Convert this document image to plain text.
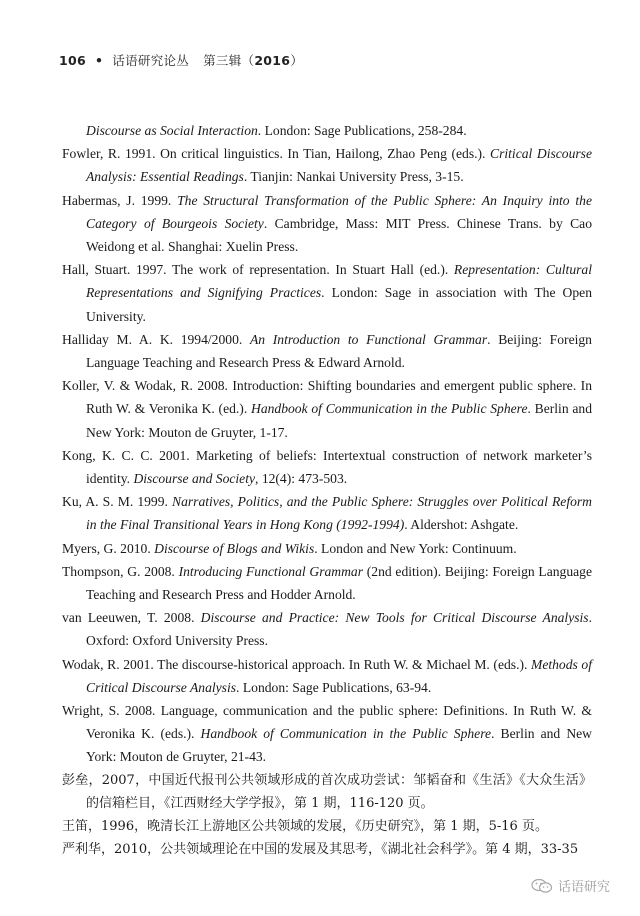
106 • 话语研究论丛 第三辑（2016）
Discourse as Social Interaction. London: Sage Publications, 258-284.
Fowler, R. 1991. On critical linguistics. In Tian, Hailong, Zhao Peng (eds.). Critical Discourse Analysis: Essential Readings. Tianjin: Nankai University Press, 3-15.
Habermas, J. 1999. The Structural Transformation of the Public Sphere: An Inquiry into the Category of Bourgeois Society. Cambridge, Mass: MIT Press. Chinese Trans. by Cao Weidong et al. Shanghai: Xuelin Press.
Hall, Stuart. 1997. The work of representation. In Stuart Hall (ed.). Representation: Cultural Representations and Signifying Practices. London: Sage in association with The Open University.
Halliday M. A. K. 1994/2000. An Introduction to Functional Grammar. Beijing: Foreign Language Teaching and Research Press & Edward Arnold.
Koller, V. & Wodak, R. 2008. Introduction: Shifting boundaries and emergent public sphere. In Ruth W. & Veronika K. (ed.). Handbook of Communication in the Public Sphere. Berlin and New York: Mouton de Gruyter, 1-17.
Kong, K. C. C. 2001. Marketing of beliefs: Intertextual construction of network marketer’s identity. Discourse and Society, 12(4): 473-503.
Ku, A. S. M. 1999. Narratives, Politics, and the Public Sphere: Struggles over Political Reform in the Final Transitional Years in Hong Kong (1992-1994). Aldershot: Ashgate.
Myers, G. 2010. Discourse of Blogs and Wikis. London and New York: Continuum.
Thompson, G. 2008. Introducing Functional Grammar (2nd edition). Beijing: Foreign Language Teaching and Research Press and Hodder Arnold.
van Leeuwen, T. 2008. Discourse and Practice: New Tools for Critical Discourse Analysis. Oxford: Oxford University Press.
Wodak, R. 2001. The discourse-historical approach. In Ruth W. & Michael M. (eds.). Methods of Critical Discourse Analysis. London: Sage Publications, 63-94.
Wright, S. 2008. Language, communication and the public sphere: Definitions. In Ruth W. & Veronika K. (eds.). Handbook of Communication in the Public Sphere. Berlin and New York: Mouton de Gruyter, 21-43.
彭垒，2007，中国近代报刊公共领域形成的首次成功尝试：邹韬奋和《生活》《大众生活》的信箱栏目，《江西财经大学学报》，第 1 期，116-120 页。
王笛，1996，晚清长江上游地区公共领域的发展，《历史研究》，第 1 期，5-16 页。
严利华，2010，公共领域理论在中国的发展及其思考，《湖北社会科学》。第 4 期，33-35
话语研究
